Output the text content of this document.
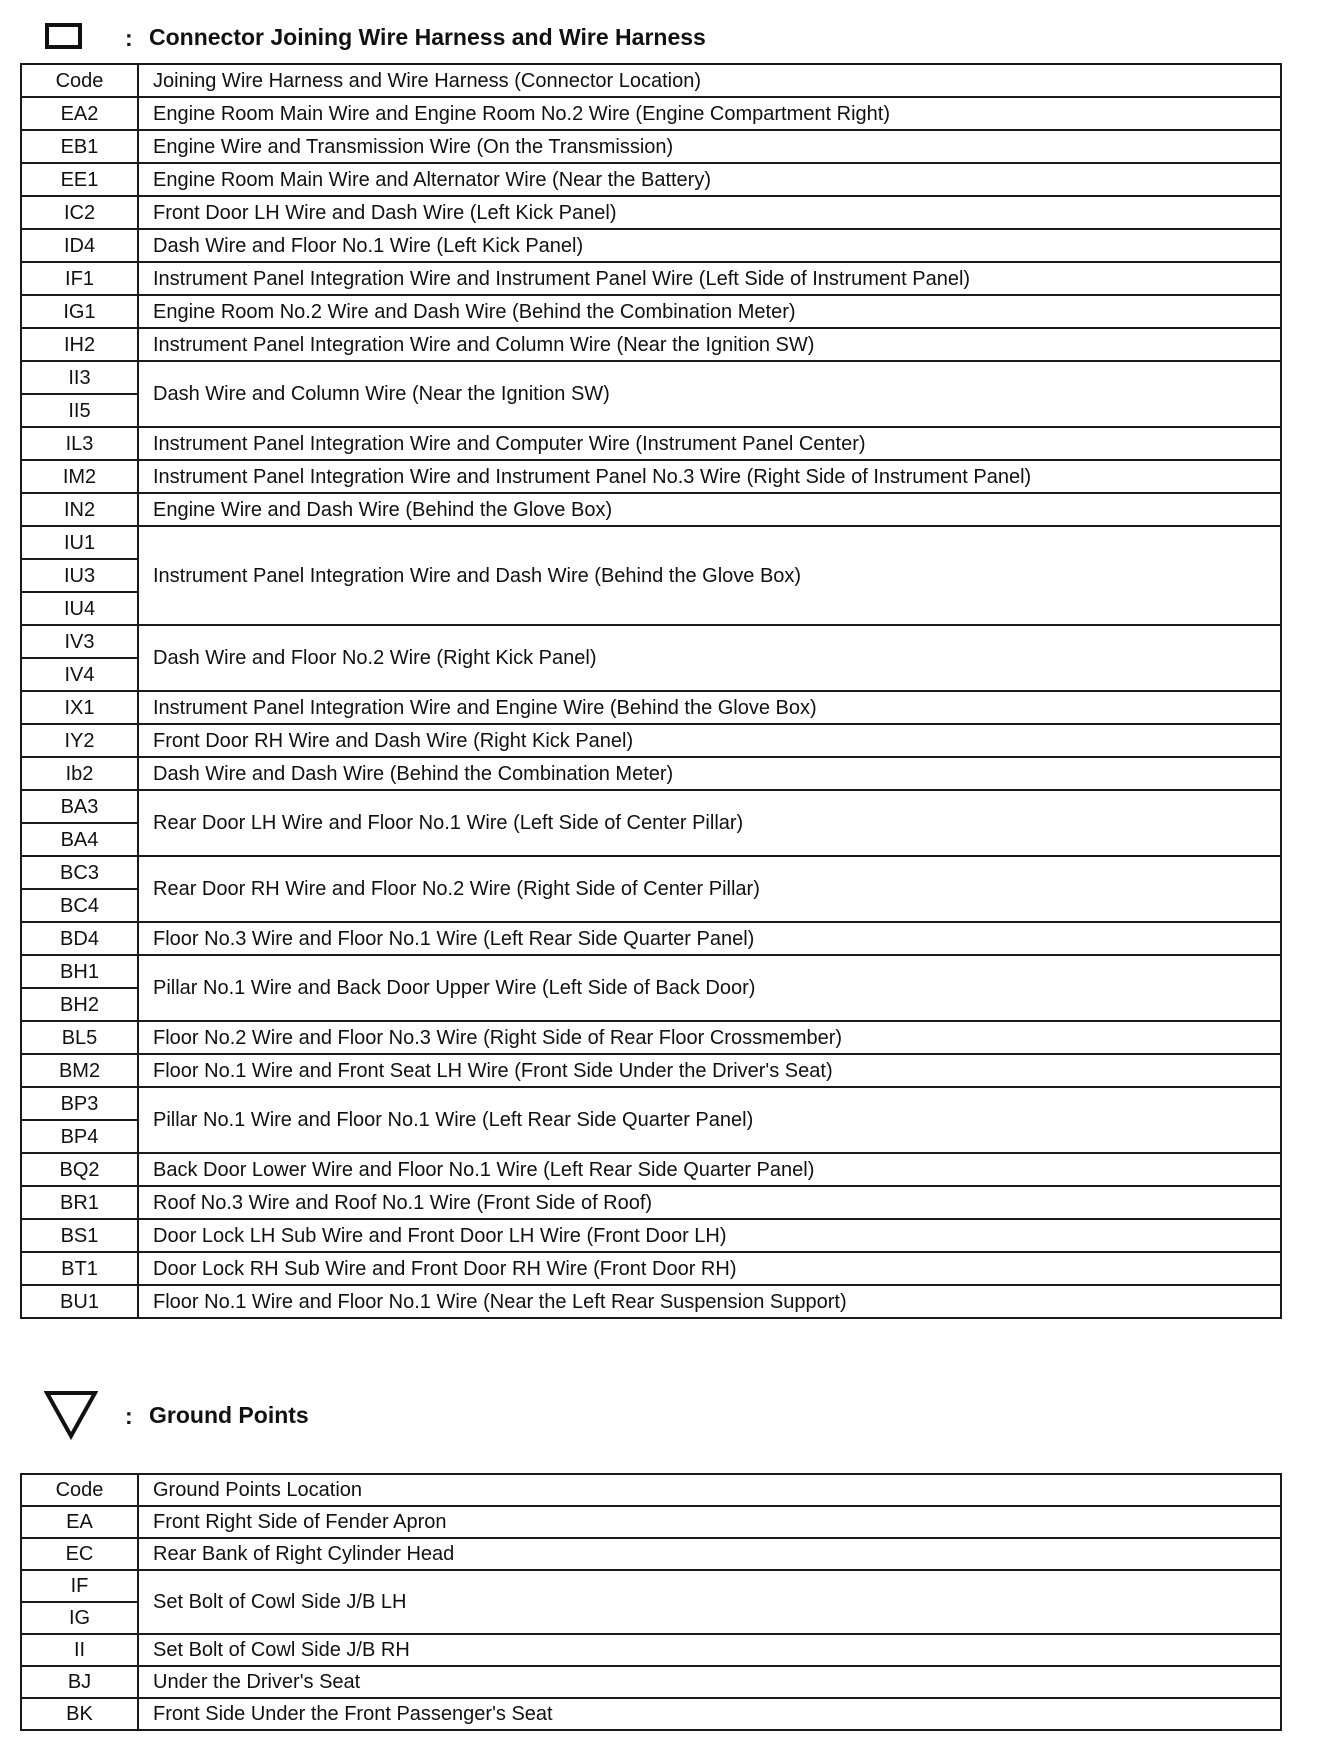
: Connector Joining Wire Harness and Wire Harness
Code	Joining Wire Harness and Wire Harness (Connector Location)
EA2	Engine Room Main Wire and Engine Room No.2 Wire (Engine Compartment Right)
EB1	Engine Wire and Transmission Wire (On the Transmission)
EE1	Engine Room Main Wire and Alternator Wire (Near the Battery)
IC2	Front Door LH Wire and Dash Wire (Left Kick Panel)
ID4	Dash Wire and Floor No.1 Wire (Left Kick Panel)
IF1	Instrument Panel Integration Wire and Instrument Panel Wire (Left Side of Instrument Panel)
IG1	Engine Room No.2 Wire and Dash Wire (Behind the Combination Meter)
IH2	Instrument Panel Integration Wire and Column Wire (Near the Ignition SW)
II3	Dash Wire and Column Wire (Near the Ignition SW)
II5	
IL3	Instrument Panel Integration Wire and Computer Wire (Instrument Panel Center)
IM2	Instrument Panel Integration Wire and Instrument Panel No.3 Wire (Right Side of Instrument Panel)
IN2	Engine Wire and Dash Wire (Behind the Glove Box)
IU1	Instrument Panel Integration Wire and Dash Wire (Behind the Glove Box)
IU3	
IU4	
IV3	Dash Wire and Floor No.2 Wire (Right Kick Panel)
IV4	
IX1	Instrument Panel Integration Wire and Engine Wire (Behind the Glove Box)
IY2	Front Door RH Wire and Dash Wire (Right Kick Panel)
Ib2	Dash Wire and Dash Wire (Behind the Combination Meter)
BA3	Rear Door LH Wire and Floor No.1 Wire (Left Side of Center Pillar)
BA4	
BC3	Rear Door RH Wire and Floor No.2 Wire (Right Side of Center Pillar)
BC4	
BD4	Floor No.3 Wire and Floor No.1 Wire (Left Rear Side Quarter Panel)
BH1	Pillar No.1 Wire and Back Door Upper Wire (Left Side of Back Door)
BH2	
BL5	Floor No.2 Wire and Floor No.3 Wire (Right Side of Rear Floor Crossmember)
BM2	Floor No.1 Wire and Front Seat LH Wire (Front Side Under the Driver's Seat)
BP3	Pillar No.1 Wire and Floor No.1 Wire (Left Rear Side Quarter Panel)
BP4	
BQ2	Back Door Lower Wire and Floor No.1 Wire (Left Rear Side Quarter Panel)
BR1	Roof No.3 Wire and Roof No.1 Wire (Front Side of Roof)
BS1	Door Lock LH Sub Wire and Front Door LH Wire (Front Door LH)
BT1	Door Lock RH Sub Wire and Front Door RH Wire (Front Door RH)
BU1	Floor No.1 Wire and Floor No.1 Wire (Near the Left Rear Suspension Support)
: Ground Points
Code	Ground Points Location
EA	Front Right Side of Fender Apron
EC	Rear Bank of Right Cylinder Head
IF	Set Bolt of Cowl Side J/B LH
IG	
II	Set Bolt of Cowl Side J/B RH
BJ	Under the Driver's Seat
BK	Front Side Under the Front Passenger's Seat
